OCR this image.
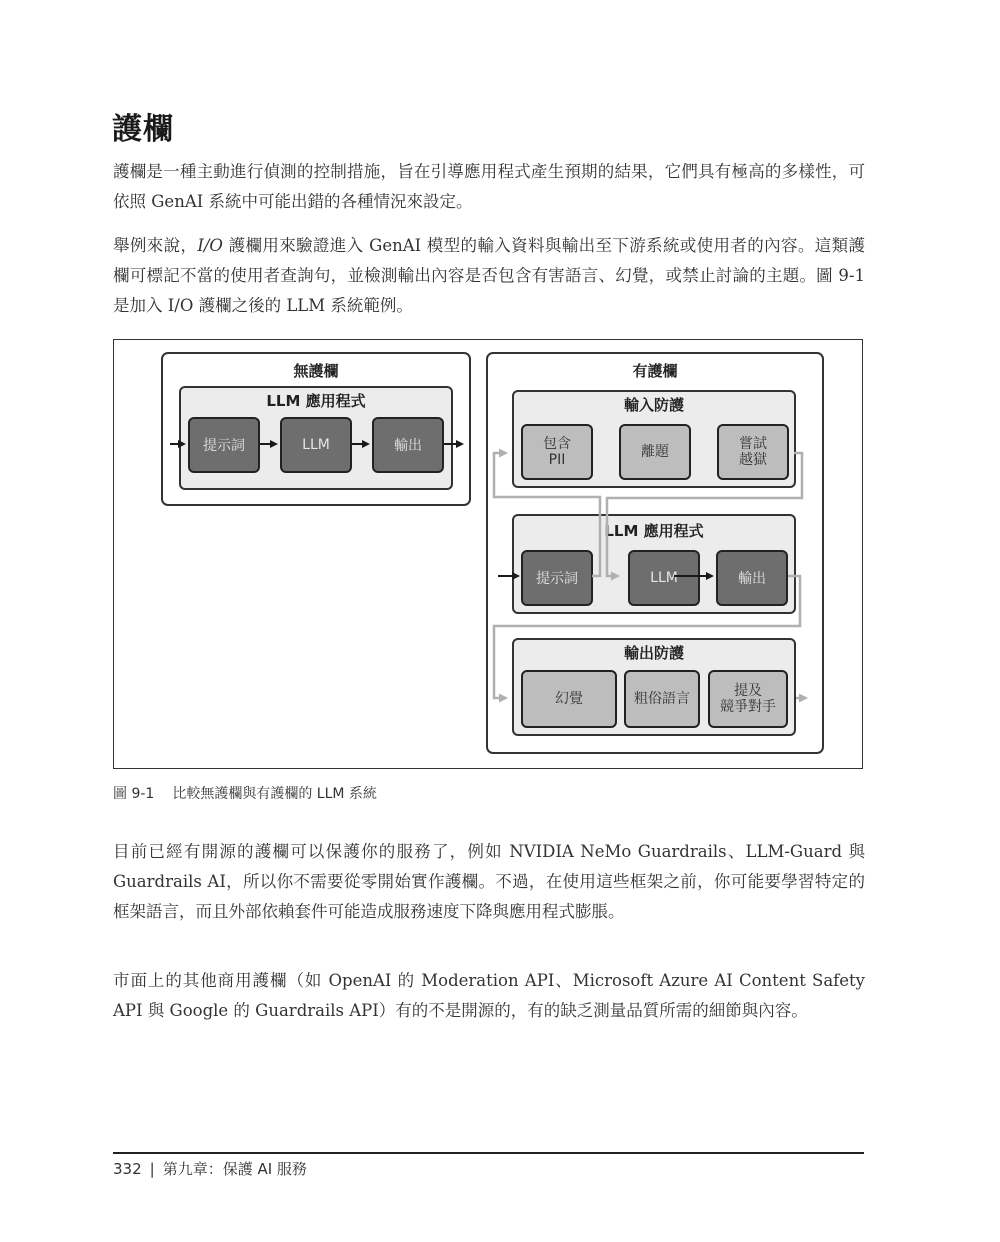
護欄
護欄是一種主動進行偵測的控制措施，旨在引導應用程式產生預期的結果，它們具有極高的多樣性，可依照 GenAI 系統中可能出錯的各種情況來設定。
舉例來說，I/O 護欄用來驗證進入 GenAI 模型的輸入資料與輸出至下游系統或使用者的內容。這類護欄可標記不當的使用者查詢句，並檢測輸出內容是否包含有害語言、幻覺，或禁止討論的主題。圖 9-1 是加入 I/O 護欄之後的 LLM 系統範例。
無護欄
LLM 應用程式
提示詞	LLM	輸出
有護欄
輸入防護
包含
PII	離題	嘗試
越獄
LLM 應用程式
提示詞	LLM	輸出
輸出防護
幻覺	粗俗語言	提及
競爭對手
圖 9-1 比較無護欄與有護欄的 LLM 系統
目前已經有開源的護欄可以保護你的服務了，例如 NVIDIA NeMo Guardrails、LLM-Guard 與 Guardrails AI，所以你不需要從零開始實作護欄。不過，在使用這些框架之前，你可能要學習特定的框架語言，而且外部依賴套件可能造成服務速度下降與應用程式膨脹。
市面上的其他商用護欄（如 OpenAI 的 Moderation API、Microsoft Azure AI Content Safety API 與 Google 的 Guardrails API）有的不是開源的，有的缺乏測量品質所需的細節與內容。
332 | 第九章：保護 AI 服務
